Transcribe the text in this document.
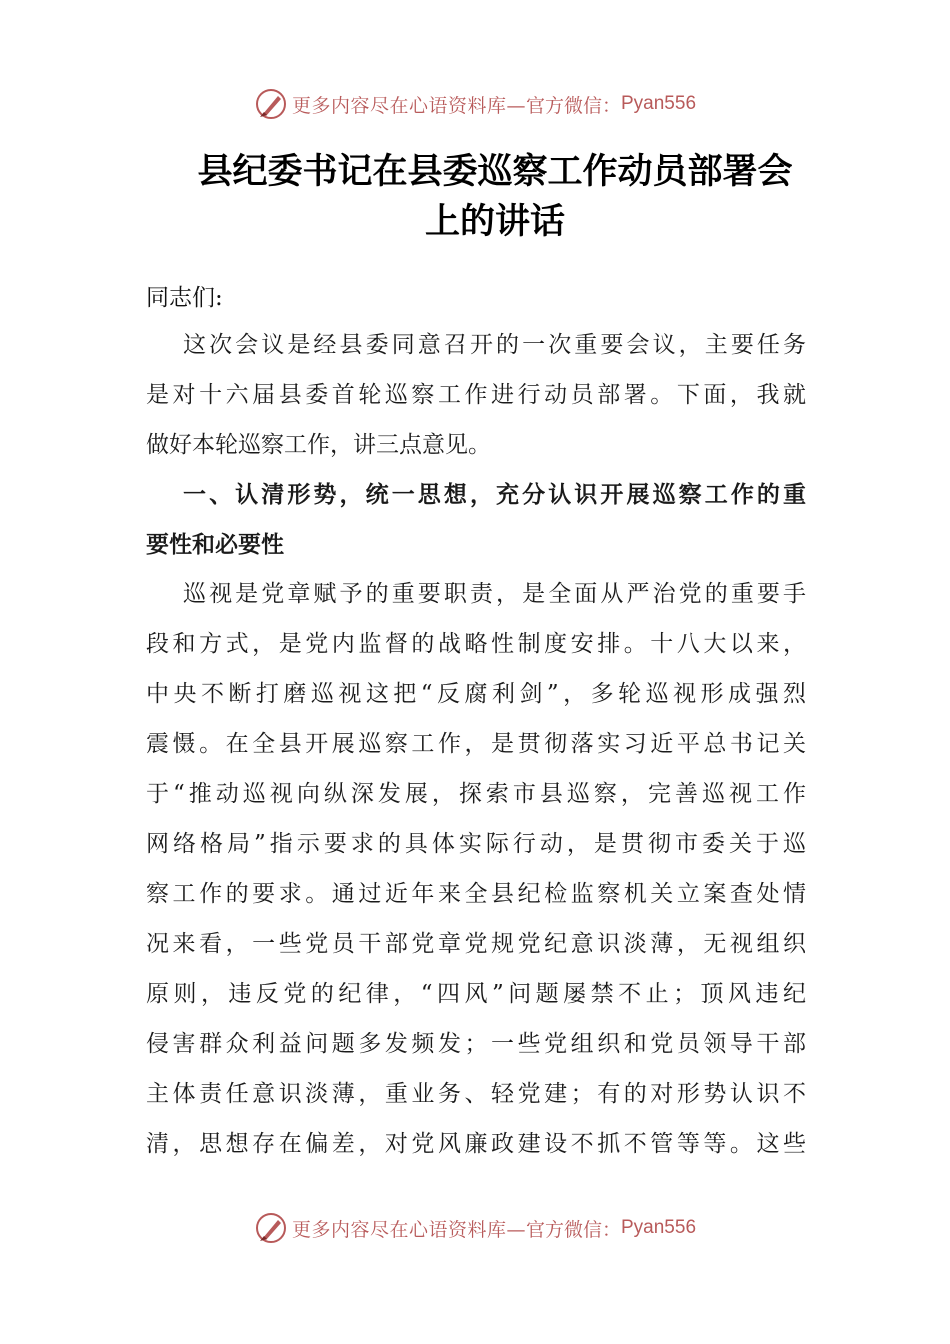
更多内容尽在心语资料库— 官方微信： Pyan556
县纪委书记在县委巡察工作动员部署会
上的讲话
同志们:
这次会议是经县委同意召开的一次重要会议，主要任务
是对十六届县委首轮巡察工作进行动员部署。下面，我就
做好本轮巡察工作，讲三点意见。
一、认清形势，统一思想，充分认识开展巡察工作的重
要性和必要性
巡视是党章赋予的重要职责，是全面从严治党的重要手
段和方式，是党内监督的战略性制度安排。十八大以来，
中央不断打磨巡视这把“反腐利剑”，多轮巡视形成强烈
震慑。在全县开展巡察工作，是贯彻落实习近平总书记关
于“推动巡视向纵深发展，探索市县巡察，完善巡视工作
网络格局”指示要求的具体实际行动，是贯彻市委关于巡
察工作的要求。通过近年来全县纪检监察机关立案查处情
况来看，一些党员干部党章党规党纪意识淡薄，无视组织
原则，违反党的纪律，“四风”问题屡禁不止；顶风违纪
侵害群众利益问题多发频发；一些党组织和党员领导干部
主体责任意识淡薄，重业务、轻党建；有的对形势认识不
清，思想存在偏差，对党风廉政建设不抓不管等等。这些
更多内容尽在心语资料库— 官方微信： Pyan556
